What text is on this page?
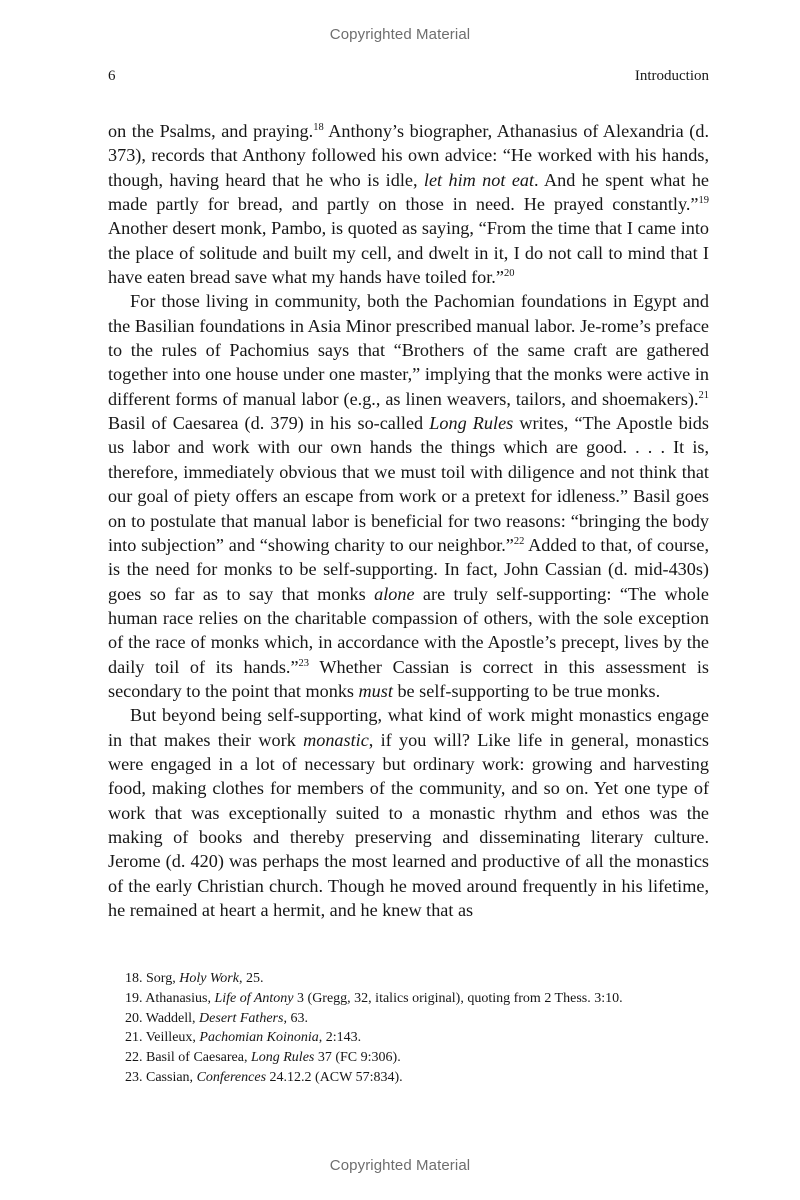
Copyrighted Material
6	Introduction

on the Psalms, and praying.$^{18}$ Anthony’s biographer, Athanasius of Alexandria (d. 373), records that Anthony followed his own advice: “He worked with his hands, though, having heard that he who is idle, let him not eat. And he spent what he made partly for bread, and partly on those in need. He prayed constantly.”$^{19}$ Another desert monk, Pambo, is quoted as saying, “From the time that I came into the place of solitude and built my cell, and dwelt in it, I do not call to mind that I have eaten bread save what my hands have toiled for.”$^{20}$

For those living in community, both the Pachomian foundations in Egypt and the Basilian foundations in Asia Minor prescribed manual labor. Je-rome’s preface to the rules of Pachomius says that “Brothers of the same craft are gathered together into one house under one master,” implying that the monks were active in different forms of manual labor (e.g., as linen weavers, tailors, and shoemakers).$^{21}$ Basil of Caesarea (d. 379) in his so-called Long Rules writes, “The Apostle bids us labor and work with our own hands the things which are good. . . . It is, therefore, immediately obvious that we must toil with diligence and not think that our goal of piety offers an escape from work or a pretext for idleness.” Basil goes on to postulate that manual labor is beneficial for two reasons: “bringing the body into subjection” and “showing charity to our neighbor.”$^{22}$ Added to that, of course, is the need for monks to be self-supporting. In fact, John Cassian (d. mid-430s) goes so far as to say that monks alone are truly self-supporting: “The whole human race relies on the charitable compassion of others, with the sole exception of the race of monks which, in accordance with the Apostle’s precept, lives by the daily toil of its hands.”$^{23}$ Whether Cassian is correct in this assessment is secondary to the point that monks must be self-supporting to be true monks.

But beyond being self-supporting, what kind of work might monastics engage in that makes their work monastic, if you will? Like life in general, monastics were engaged in a lot of necessary but ordinary work: growing and harvesting food, making clothes for members of the community, and so on. Yet one type of work that was exceptionally suited to a monastic rhythm and ethos was the making of books and thereby preserving and disseminating literary culture. Jerome (d. 420) was perhaps the most learned and productive of all the monastics of the early Christian church. Though he moved around frequently in his lifetime, he remained at heart a hermit, and he knew that as

18. Sorg, Holy Work, 25.

19. Athanasius, Life of Antony 3 (Gregg, 32, italics original), quoting from 2 Thess. 3:10.

20. Waddell, Desert Fathers, 63.

21. Veilleux, Pachomian Koinonia, 2:143.

22. Basil of Caesarea, Long Rules 37 (FC 9:306).

23. Cassian, Conferences 24.12.2 (ACW 57:834).

Copyrighted Material
